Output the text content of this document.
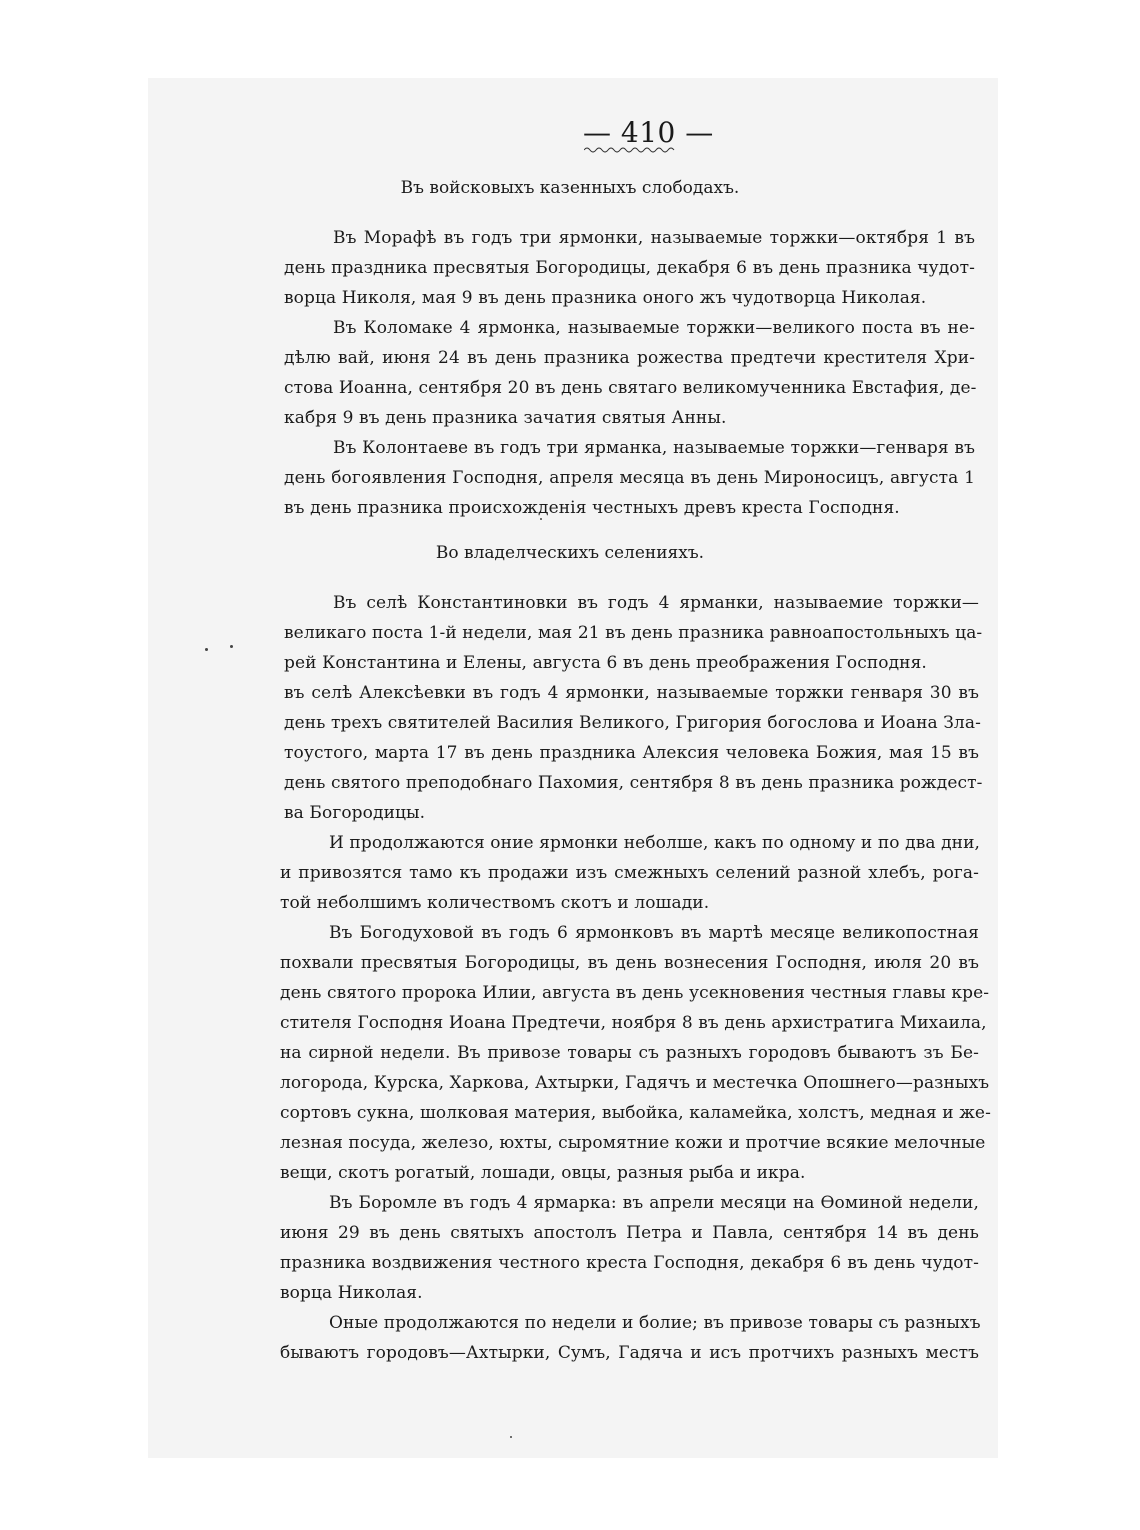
— 410 —
Въ войсковыхъ казенныхъ слободахъ.
Въ Морафѣ въ годъ три ярмонки, называемые торжки—октября 1 въ
день праздника пресвятыя Богородицы, декабря 6 въ день празника чудот-
ворца Николя, мая 9 въ день празника оного жъ чудотворца Николая.
Въ Коломаке 4 ярмонка, называемые торжки—великого поста въ не-
дѣлю вай, июня 24 въ день празника рожества предтечи крестителя Хри-
стова Иоанна, сентября 20 въ день святаго великомученника Евстафия, де-
кабря 9 въ день празника зачатия святыя Анны.
Въ Колонтаеве въ годъ три ярманка, называемые торжки—генваря въ
день богоявления Господня, апреля месяца въ день Мироносицъ, августа 1
въ день празника происхожденія честныхъ древъ креста Господня.
Во владелческихъ селенияхъ.
Въ селѣ Константиновки въ годъ 4 ярманки, называемие торжки—
великаго поста 1-й недели, мая 21 въ день празника равноапостольныхъ ца-
рей Константина и Елены, августа 6 въ день преображения Господня.
въ селѣ Алексѣевки въ годъ 4 ярмонки, называемые торжки генваря 30 въ
день трехъ святителей Василия Великого, Григория богослова и Иоана Зла-
тоустого, марта 17 въ день праздника Алексия человека Божия, мая 15 въ
день святого преподобнаго Пахомия, сентября 8 въ день празника рождест-
ва Богородицы.
И продолжаются оние ярмонки неболше, какъ по одному и по два дни,
и привозятся тамо къ продажи изъ смежныхъ селений разной хлебъ, рога-
той неболшимъ количествомъ скотъ и лошади.
Въ Богодуховой въ годъ 6 ярмонковъ въ мартѣ месяце великопостная
похвали пресвятыя Богородицы, въ день вознесения Господня, июля 20 въ
день святого пророка Илии, августа въ день усекновения честныя главы кре-
стителя Господня Иоана Предтечи, ноября 8 въ день архистратига Михаила,
на сирной недели. Въ привозе товары съ разныхъ городовъ бываютъ зъ Бе-
логорода, Курска, Харкова, Ахтырки, Гадячъ и местечка Опошнего—разныхъ
сортовъ сукна, шолковая материя, выбойка, каламейка, холстъ, медная и же-
лезная посуда, железо, юхты, сыромятние кожи и протчие всякие мелочные
вещи, скотъ рогатый, лошади, овцы, разныя рыба и икра.
Въ Боромле въ годъ 4 ярмарка: въ апрели месяци на Ѳоминой недели,
июня 29 въ день святыхъ апостолъ Петра и Павла, сентября 14 въ день
празника воздвижения честного креста Господня, декабря 6 въ день чудот-
ворца Николая.
Оные продолжаются по недели и болие; въ привозе товары съ разныхъ
бываютъ городовъ—Ахтырки, Сумъ, Гадяча и исъ протчихъ разныхъ местъ
